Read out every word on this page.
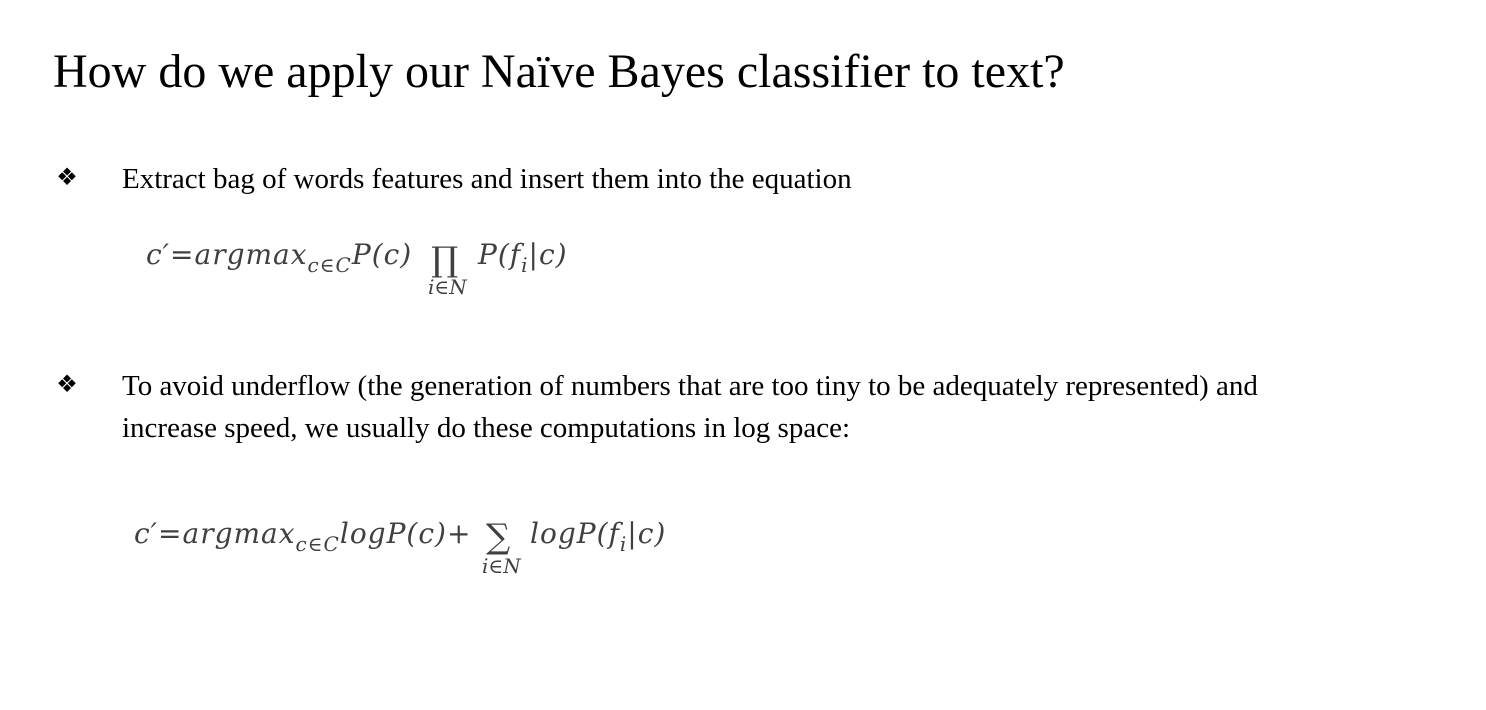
How do we apply our Naïve Bayes classifier to text?
❖ Extract bag of words features and insert them into the equation
c′=argmax$_{c\in C}$P(c) ∏
i∈N
$P(f_i|c)$
❖ To avoid underflow (the generation of numbers that are too tiny to be adequately represented) and
increase speed, we usually do these computations in log space:
c′=argmax$_{c\in C}$logP(c)+ ∑
i∈N
$\log P(f_i|c)$
